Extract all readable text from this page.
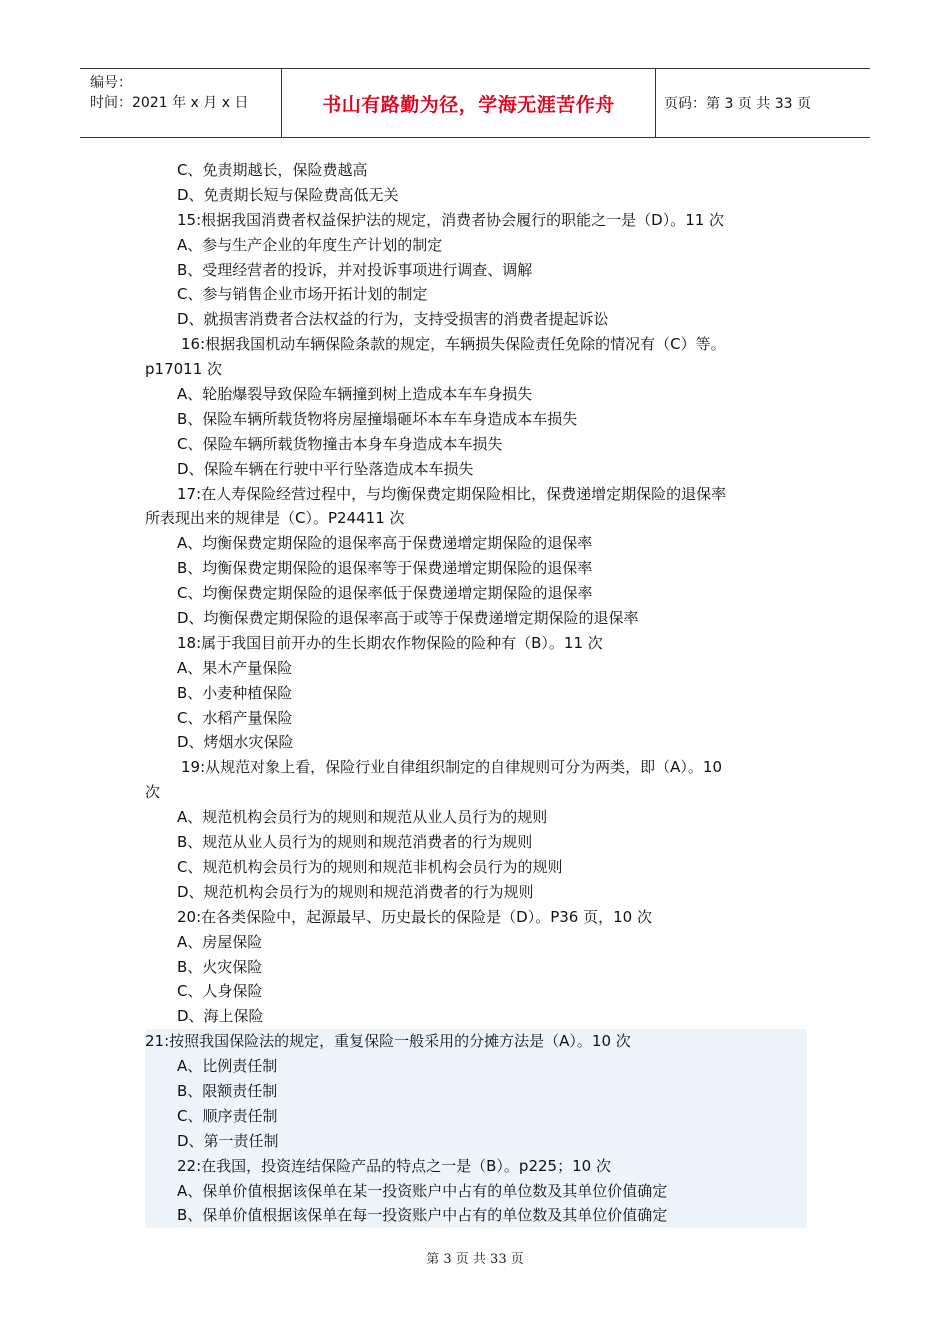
编号：
时间：2021 年 x 月 x 日	书山有路勤为径，学海无涯苦作舟	页码：第 3 页 共 33 页
C、免责期越长，保险费越高
D、免责期长短与保险费高低无关
15:根据我国消费者权益保护法的规定，消费者协会履行的职能之一是（D）。11 次
A、参与生产企业的年度生产计划的制定
B、受理经营者的投诉，并对投诉事项进行调查、调解
C、参与销售企业市场开拓计划的制定
D、就损害消费者合法权益的行为，支持受损害的消费者提起诉讼
16:根据我国机动车辆保险条款的规定，车辆损失保险责任免除的情况有（C）等。
p17011 次
A、轮胎爆裂导致保险车辆撞到树上造成本车车身损失
B、保险车辆所载货物将房屋撞塌砸坏本车车身造成本车损失
C、保险车辆所载货物撞击本身车身造成本车损失
D、保险车辆在行驶中平行坠落造成本车损失
17:在人寿保险经营过程中，与均衡保费定期保险相比，保费递增定期保险的退保率
所表现出来的规律是（C）。P24411 次
A、均衡保费定期保险的退保率高于保费递增定期保险的退保率
B、均衡保费定期保险的退保率等于保费递增定期保险的退保率
C、均衡保费定期保险的退保率低于保费递增定期保险的退保率
D、均衡保费定期保险的退保率高于或等于保费递增定期保险的退保率
18:属于我国目前开办的生长期农作物保险的险种有（B）。11 次
A、果木产量保险
B、小麦种植保险
C、水稻产量保险
D、烤烟水灾保险
19:从规范对象上看，保险行业自律组织制定的自律规则可分为两类，即（A）。10
次
A、规范机构会员行为的规则和规范从业人员行为的规则
B、规范从业人员行为的规则和规范消费者的行为规则
C、规范机构会员行为的规则和规范非机构会员行为的规则
D、规范机构会员行为的规则和规范消费者的行为规则
20:在各类保险中，起源最早、历史最长的保险是（D）。P36 页，10 次
A、房屋保险
B、火灾保险
C、人身保险
D、海上保险
21:按照我国保险法的规定，重复保险一般采用的分摊方法是（A）。10 次
A、比例责任制
B、限额责任制
C、顺序责任制
D、第一责任制
22:在我国，投资连结保险产品的特点之一是（B）。p225；10 次
A、保单价值根据该保单在某一投资账户中占有的单位数及其单位价值确定
B、保单价值根据该保单在每一投资账户中占有的单位数及其单位价值确定
第 3 页 共 33 页
